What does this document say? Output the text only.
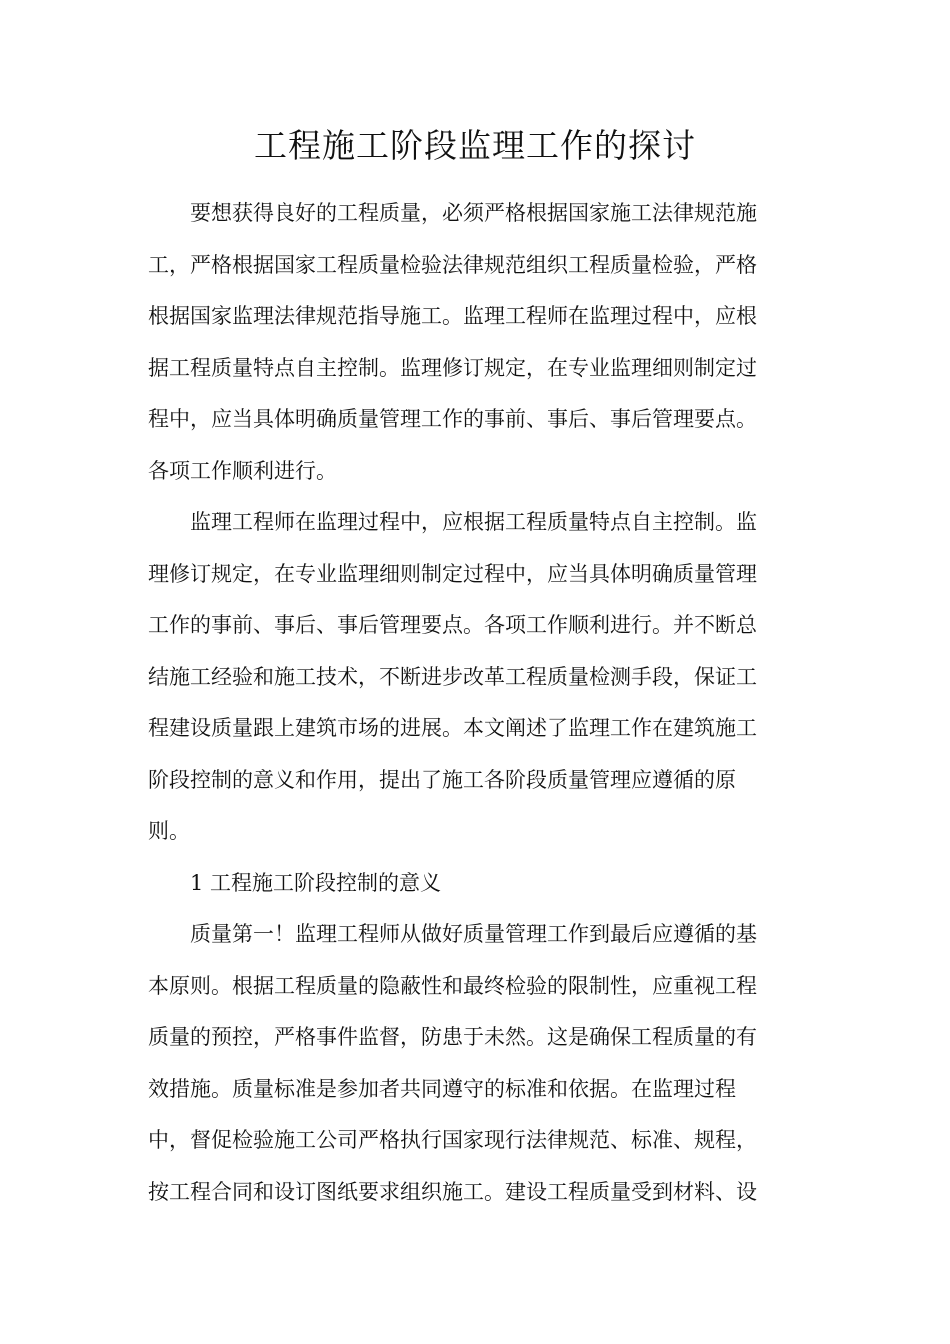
工程施工阶段监理工作的探讨

要想获得良好的工程质量，必须严格根据国家施工法律规范施
工，严格根据国家工程质量检验法律规范组织工程质量检验，严格
根据国家监理法律规范指导施工。监理工程师在监理过程中，应根
据工程质量特点自主控制。监理修订规定，在专业监理细则制定过
程中，应当具体明确质量管理工作的事前、事后、事后管理要点。
各项工作顺利进行。

监理工程师在监理过程中，应根据工程质量特点自主控制。监
理修订规定，在专业监理细则制定过程中，应当具体明确质量管理
工作的事前、事后、事后管理要点。各项工作顺利进行。并不断总
结施工经验和施工技术，不断进步改革工程质量检测手段，保证工
程建设质量跟上建筑市场的进展。本文阐述了监理工作在建筑施工
阶段控制的意义和作用，提出了施工各阶段质量管理应遵循的原
则。

1 工程施工阶段控制的意义

质量第一！监理工程师从做好质量管理工作到最后应遵循的基
本原则。根据工程质量的隐蔽性和最终检验的限制性，应重视工程
质量的预控，严格事件监督，防患于未然。这是确保工程质量的有
效措施。质量标准是参加者共同遵守的标准和依据。在监理过程
中，督促检验施工公司严格执行国家现行法律规范、标准、规程，
按工程合同和设订图纸要求组织施工。建设工程质量受到材料、设
